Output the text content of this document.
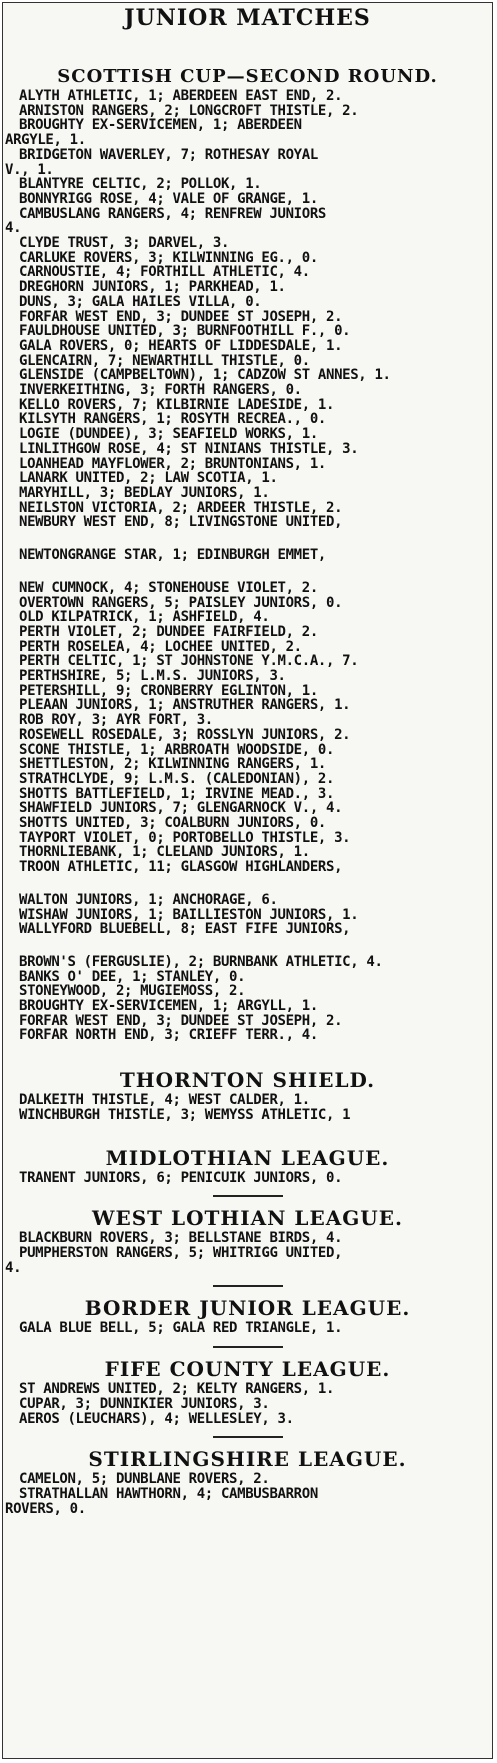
JUNIOR MATCHES
SCOTTISH CUP—SECOND ROUND.
ALYTH ATHLETIC, 1; ABERDEEN EAST END, 2.
ARNISTON RANGERS, 2; LONGCROFT THISTLE, 2.
BROUGHTY EX-SERVICEMEN, 1; ABERDEEN
ARGYLE, 1.
BRIDGETON WAVERLEY, 7; ROTHESAY ROYAL
V., 1.
BLANTYRE CELTIC, 2; POLLOK, 1.
BONNYRIGG ROSE, 4; VALE OF GRANGE, 1.
CAMBUSLANG RANGERS, 4; RENFREW JUNIORS
4.
CLYDE TRUST, 3; DARVEL, 3.
CARLUKE ROVERS, 3; KILWINNING EG., 0.
CARNOUSTIE, 4; FORTHILL ATHLETIC, 4.
DREGHORN JUNIORS, 1; PARKHEAD, 1.
DUNS, 3; GALA HAILES VILLA, 0.
FORFAR WEST END, 3; DUNDEE ST JOSEPH, 2.
FAULDHOUSE UNITED, 3; BURNFOOTHILL F., 0.
GALA ROVERS, 0; HEARTS OF LIDDESDALE, 1.
GLENCAIRN, 7; NEWARTHILL THISTLE, 0.
GLENSIDE (CAMPBELTOWN), 1; CADZOW ST ANNES, 1.
INVERKEITHING, 3; FORTH RANGERS, 0.
KELLO ROVERS, 7; KILBIRNIE LADESIDE, 1.
KILSYTH RANGERS, 1; ROSYTH RECREA., 0.
LOGIE (DUNDEE), 3; SEAFIELD WORKS, 1.
LINLITHGOW ROSE, 4; ST NINIANS THISTLE, 3.
LOANHEAD MAYFLOWER, 2; BRUNTONIANS, 1.
LANARK UNITED, 2; LAW SCOTIA, 1.
MARYHILL, 3; BEDLAY JUNIORS, 1.
NEILSTON VICTORIA, 2; ARDEER THISTLE, 2.
NEWBURY WEST END, 8; LIVINGSTONE UNITED,
NEWTONGRANGE STAR, 1; EDINBURGH EMMET,
NEW CUMNOCK, 4; STONEHOUSE VIOLET, 2.
OVERTOWN RANGERS, 5; PAISLEY JUNIORS, 0.
OLD KILPATRICK, 1; ASHFIELD, 4.
PERTH VIOLET, 2; DUNDEE FAIRFIELD, 2.
PERTH ROSELEA, 4; LOCHEE UNITED, 2.
PERTH CELTIC, 1; ST JOHNSTONE Y.M.C.A., 7.
PERTHSHIRE, 5; L.M.S. JUNIORS, 3.
PETERSHILL, 9; CRONBERRY EGLINTON, 1.
PLEAAN JUNIORS, 1; ANSTRUTHER RANGERS, 1.
ROB ROY, 3; AYR FORT, 3.
ROSEWELL ROSEDALE, 3; ROSSLYN JUNIORS, 2.
SCONE THISTLE, 1; ARBROATH WOODSIDE, 0.
SHETTLESTON, 2; KILWINNING RANGERS, 1.
STRATHCLYDE, 9; L.M.S. (CALEDONIAN), 2.
SHOTTS BATTLEFIELD, 1; IRVINE MEAD., 3.
SHAWFIELD JUNIORS, 7; GLENGARNOCK V., 4.
SHOTTS UNITED, 3; COALBURN JUNIORS, 0.
TAYPORT VIOLET, 0; PORTOBELLO THISTLE, 3.
THORNLIEBANK, 1; CLELAND JUNIORS, 1.
TROON ATHLETIC, 11; GLASGOW HIGHLANDERS,
WALTON JUNIORS, 1; ANCHORAGE, 6.
WISHAW JUNIORS, 1; BAILLIESTON JUNIORS, 1.
WALLYFORD BLUEBELL, 8; EAST FIFE JUNIORS,
BROWN'S (FERGUSLIE), 2; BURNBANK ATHLETIC, 4.
BANKS O' DEE, 1; STANLEY, 0.
STONEYWOOD, 2; MUGIEMOSS, 2.
BROUGHTY EX-SERVICEMEN, 1; ARGYLL, 1.
FORFAR WEST END, 3; DUNDEE ST JOSEPH, 2.
FORFAR NORTH END, 3; CRIEFF TERR., 4.
THORNTON SHIELD.
DALKEITH THISTLE, 4; WEST CALDER, 1.
WINCHBURGH THISTLE, 3; WEMYSS ATHLETIC, 1
MIDLOTHIAN LEAGUE.
TRANENT JUNIORS, 6; PENICUIK JUNIORS, 0.
WEST LOTHIAN LEAGUE.
BLACKBURN ROVERS, 3; BELLSTANE BIRDS, 4.
PUMPHERSTON RANGERS, 5; WHITRIGG UNITED,
4.
BORDER JUNIOR LEAGUE.
GALA BLUE BELL, 5; GALA RED TRIANGLE, 1.
FIFE COUNTY LEAGUE.
ST ANDREWS UNITED, 2; KELTY RANGERS, 1.
CUPAR, 3; DUNNIKIER JUNIORS, 3.
AEROS (LEUCHARS), 4; WELLESLEY, 3.
STIRLINGSHIRE LEAGUE.
CAMELON, 5; DUNBLANE ROVERS, 2.
STRATHALLAN HAWTHORN, 4; CAMBUSBARRON
ROVERS, 0.
